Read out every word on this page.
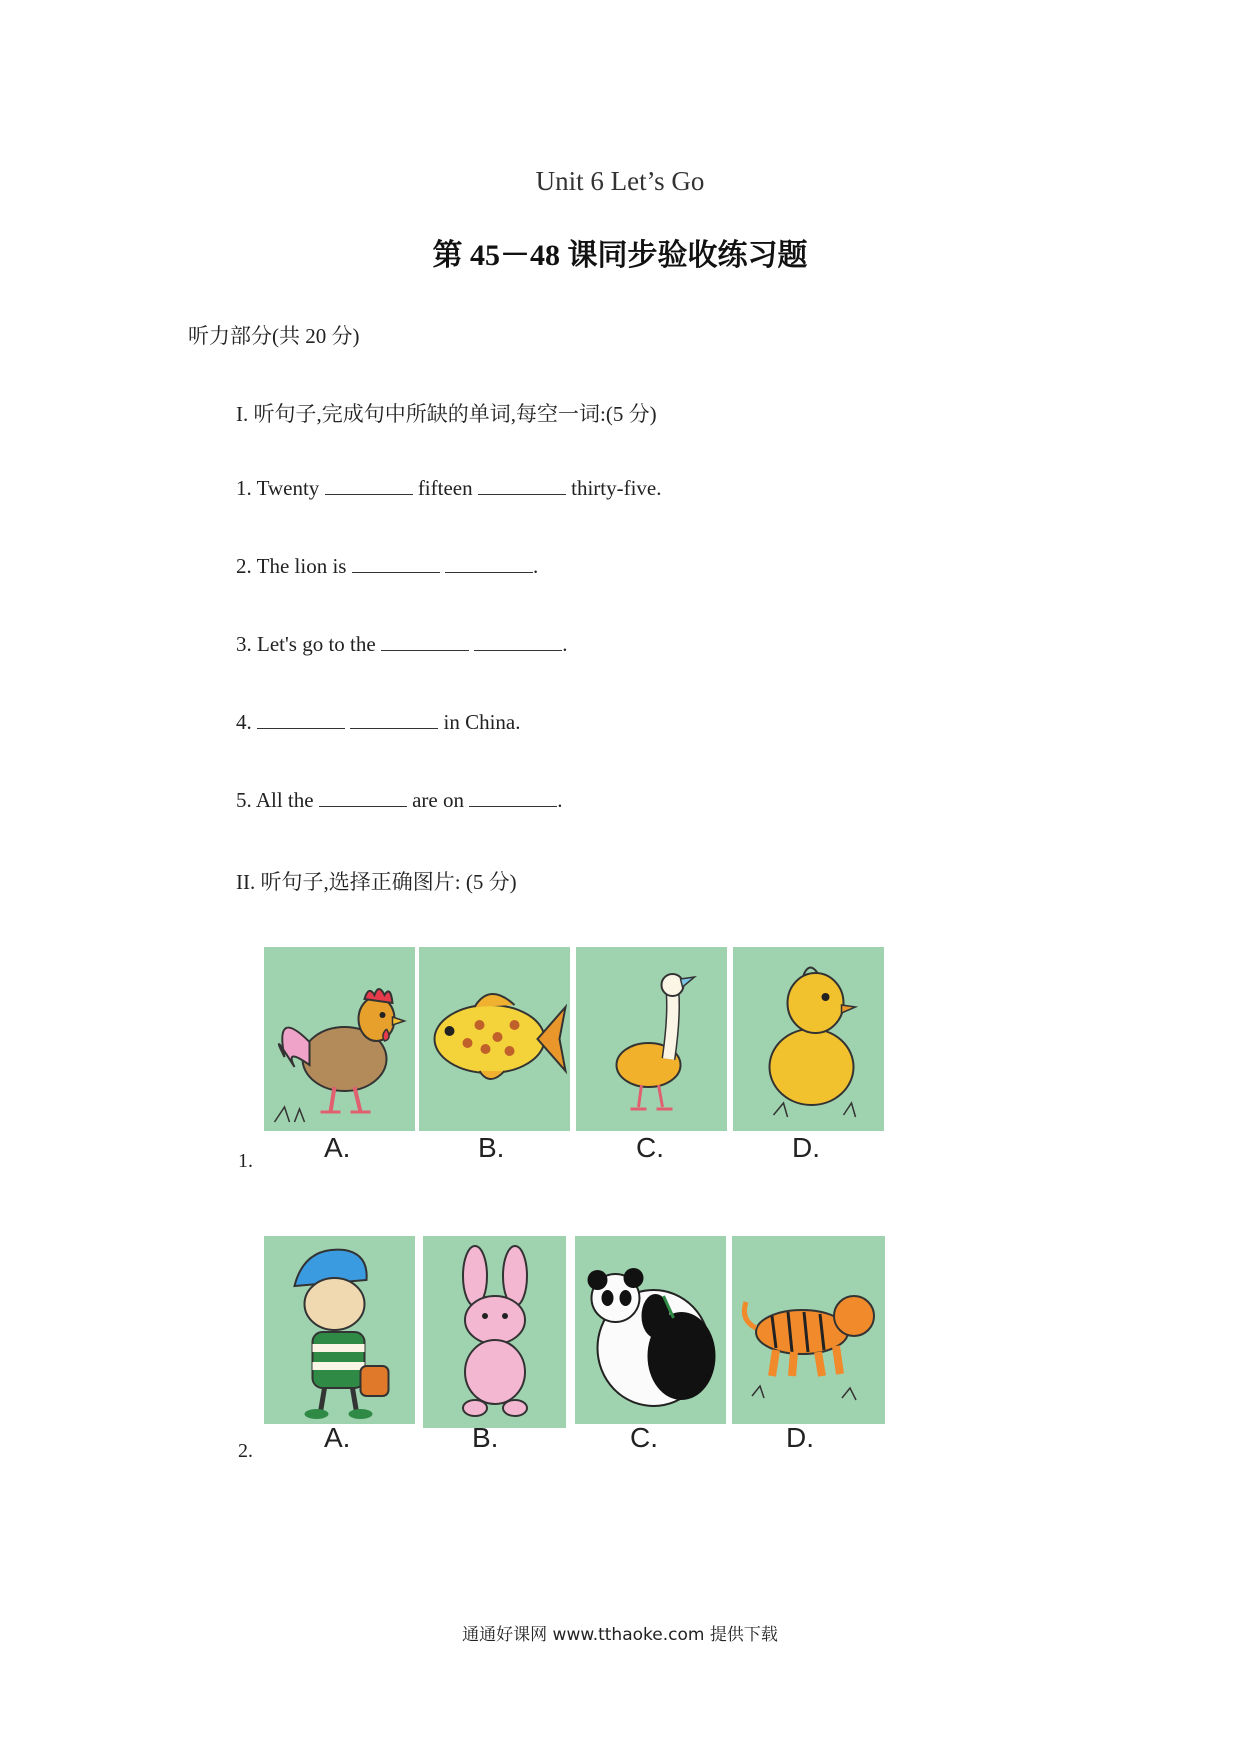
Unit 6 Let’s Go
第 45－48 课同步验收练习题
听力部分(共 20 分)
I. 听句子,完成句中所缺的单词,每空一词:(5 分)
1. Twenty	fifteen	thirty-five.
2. The lion is	.
3. Let's go to the	.
4.	in China.
5. All the	are on	.
II. 听句子,选择正确图片: (5 分)
1.	A.	B.	C.	D.
2.	A.	B.	C.	D.
通通好课网 www.tthaoke.com 提供下载
